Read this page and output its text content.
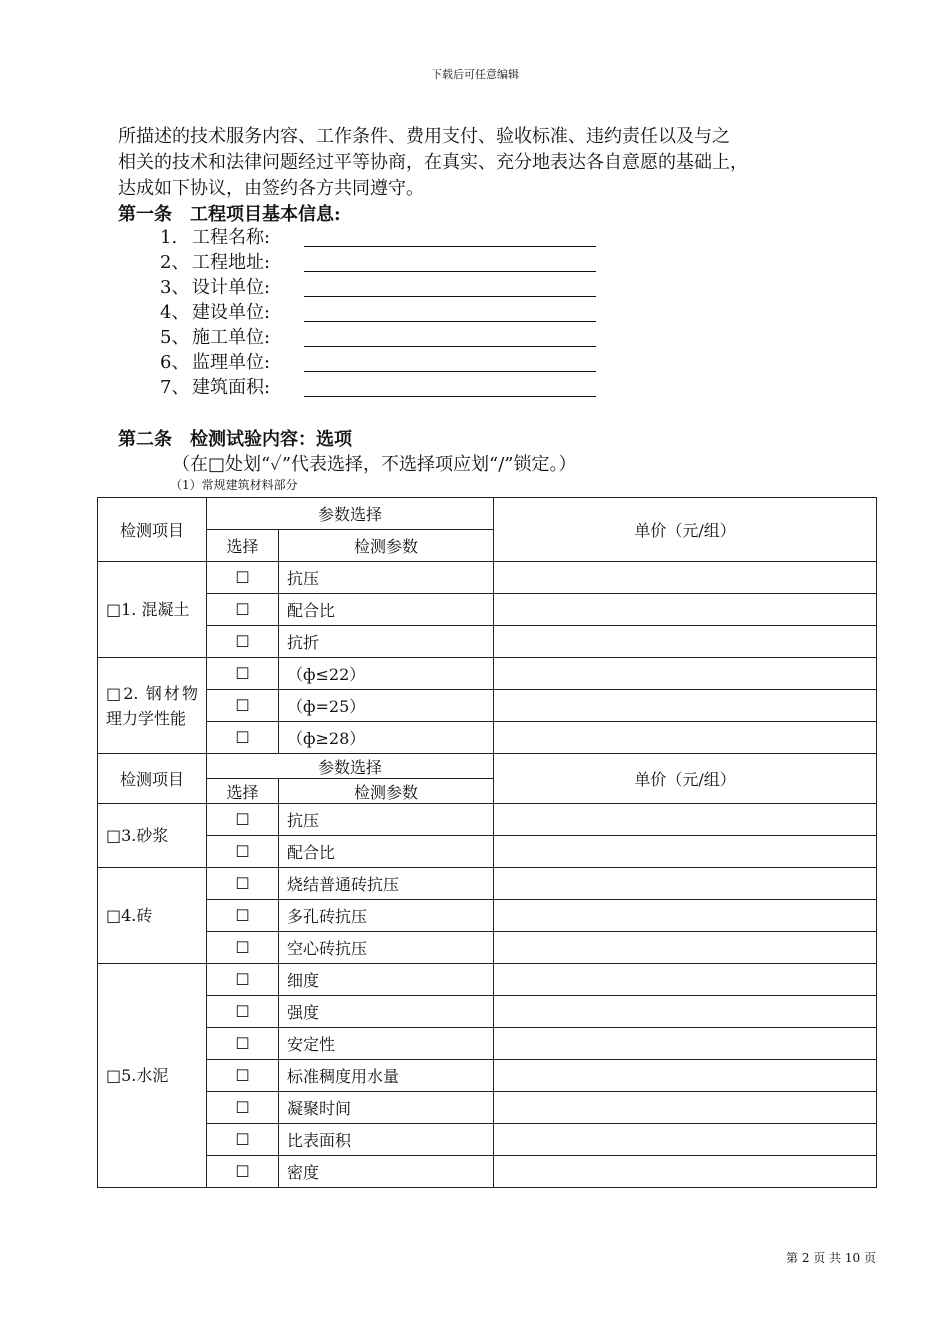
下载后可任意编辑

所描述的技术服务内容、工作条件、费用支付、验收标准、违约责任以及与之

相关的技术和法律问题经过平等协商，在真实、充分地表达各自意愿的基础上，

达成如下协议，由签约各方共同遵守。

第一条　工程项目基本信息:
1. 工程名称:
2、 工程地址:
3、 设计单位:
4、 建设单位:
5、 施工单位:
6、 监理单位:
7、 建筑面积:
第二条　检测试验内容：选项
（在□处划“✓”代表选择，不选择项应划“/”锁定。）
（1）常规建筑材料部分
检测项目	参数选择		单价（元/组）
	选择	检测参数	
□1. 混凝土	☐	抗压	
	☐	配合比	
	☐	抗折	
□2. 钢材物理力学性能	☐	（ф≤22）	
	☐	（ф=25）	
	☐	（ф≥28）	
检测项目	参数选择		单价（元/组）
	选择	检测参数	
□3.砂浆	☐	抗压	
	☐	配合比	
□4.砖	☐	烧结普通砖抗压	
	☐	多孔砖抗压	
	☐	空心砖抗压	
□5.水泥	☐	细度	
	☐	强度	
	☐	安定性	
	☐	标准稠度用水量	
	☐	凝聚时间	
	☐	比表面积	
	☐	密度	
第 2 页 共 10 页
